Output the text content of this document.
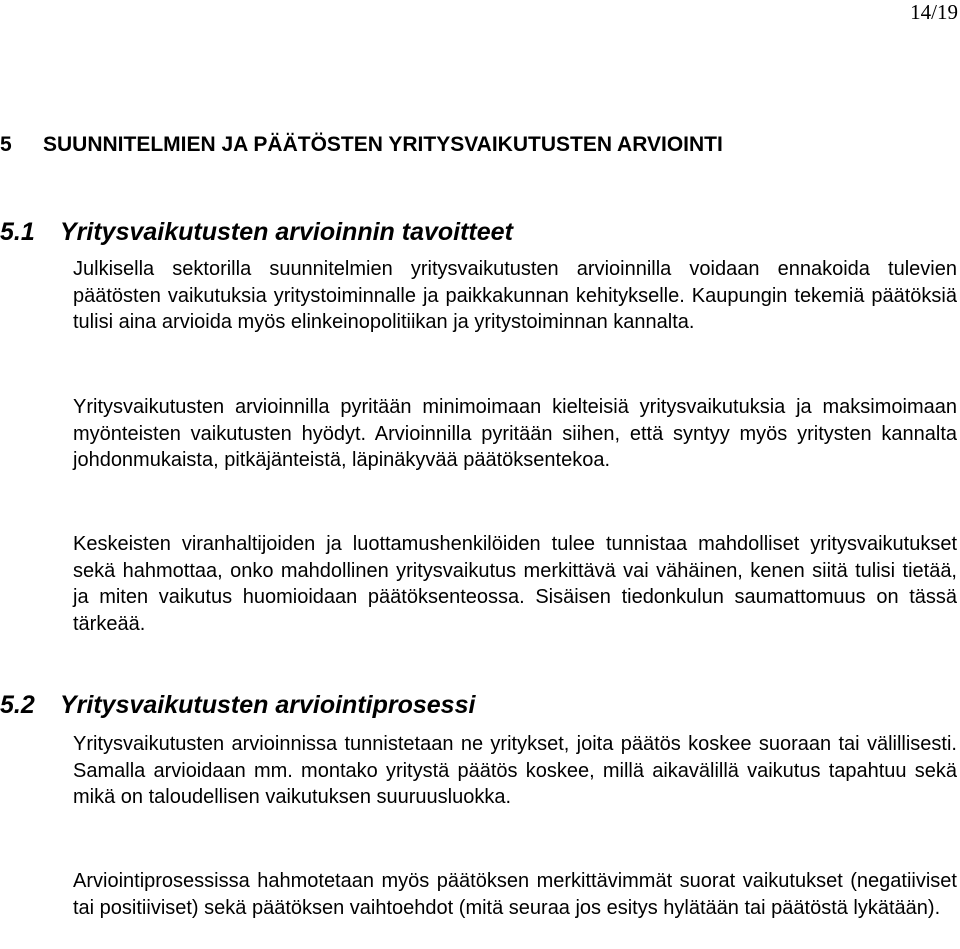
14/19
5 SUUNNITELMIEN JA PÄÄTÖSTEN YRITYSVAIKUTUSTEN ARVIOINTI
5.1 Yritysvaikutusten arvioinnin tavoitteet

Julkisella sektorilla suunnitelmien yritysvaikutusten arvioinnilla voidaan ennakoida tulevien päätösten vaikutuksia yritystoiminnalle ja paikkakunnan kehitykselle. Kaupungin tekemiä päätöksiä tulisi aina arvioida myös elinkeinopolitiikan ja yritystoiminnan kannalta.

Yritysvaikutusten arvioinnilla pyritään minimoimaan kielteisiä yritysvaikutuksia ja maksimoimaan myönteisten vaikutusten hyödyt. Arvioinnilla pyritään siihen, että syntyy myös yritysten kannalta johdonmukaista, pitkäjänteistä, läpinäkyvää päätöksentekoa.

Keskeisten viranhaltijoiden ja luottamushenkilöiden tulee tunnistaa mahdolliset yritysvaikutukset sekä hahmottaa, onko mahdollinen yritysvaikutus merkittävä vai vähäinen, kenen siitä tulisi tietää, ja miten vaikutus huomioidaan päätöksenteossa. Sisäisen tiedonkulun saumattomuus on tässä tärkeää.

5.2 Yritysvaikutusten arviointiprosessi

Yritysvaikutusten arvioinnissa tunnistetaan ne yritykset, joita päätös koskee suoraan tai välillisesti. Samalla arvioidaan mm. montako yritystä päätös koskee, millä aikavälillä vaikutus tapahtuu sekä mikä on taloudellisen vaikutuksen suuruusluokka.

Arviointiprosessissa hahmotetaan myös päätöksen merkittävimmät suorat vaikutukset (negatiiviset tai positiiviset) sekä päätöksen vaihtoehdot (mitä seuraa jos esitys hylätään tai päätöstä lykätään).
